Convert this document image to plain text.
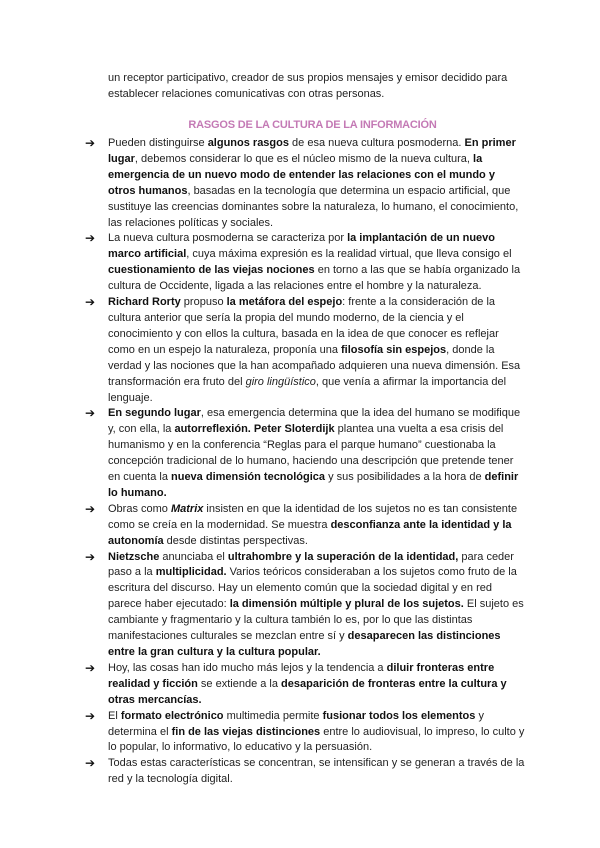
un receptor participativo, creador de sus propios mensajes y emisor decidido para establecer relaciones comunicativas con otras personas.

RASGOS DE LA CULTURA DE LA INFORMACIÓN
➔	Pueden distinguirse algunos rasgos de esa nueva cultura posmoderna. En primer lugar, debemos considerar lo que es el núcleo mismo de la nueva cultura, la emergencia de un nuevo modo de entender las relaciones con el mundo y otros humanos, basadas en la tecnología que determina un espacio artificial, que sustituye las creencias dominantes sobre la naturaleza, lo humano, el conocimiento, las relaciones políticas y sociales.
➔	La nueva cultura posmoderna se caracteriza por la implantación de un nuevo marco artificial, cuya máxima expresión es la realidad virtual, que lleva consigo el cuestionamiento de las viejas nociones en torno a las que se había organizado la cultura de Occidente, ligada a las relaciones entre el hombre y la naturaleza.
➔	Richard Rorty propuso la metáfora del espejo: frente a la consideración de la cultura anterior que sería la propia del mundo moderno, de la ciencia y el conocimiento y con ellos la cultura, basada en la idea de que conocer es reflejar como en un espejo la naturaleza, proponía una filosofía sin espejos, donde la verdad y las nociones que la han acompañado adquieren una nueva dimensión. Esa transformación era fruto del giro lingüístico, que venía a afirmar la importancia del lenguaje.
➔	En segundo lugar, esa emergencia determina que la idea del humano se modifique y, con ella, la autorreflexión. Peter Sloterdijk plantea una vuelta a esa crisis del humanismo y en la conferencia “Reglas para el parque humano” cuestionaba la concepción tradicional de lo humano, haciendo una descripción que pretende tener en cuenta la nueva dimensión tecnológica y sus posibilidades a la hora de definir lo humano.
➔	Obras como Matrix insisten en que la identidad de los sujetos no es tan consistente como se creía en la modernidad. Se muestra desconfianza ante la identidad y la autonomía desde distintas perspectivas.
➔	Nietzsche anunciaba el ultrahombre y la superación de la identidad, para ceder paso a la multiplicidad. Varios teóricos consideraban a los sujetos como fruto de la escritura del discurso. Hay un elemento común que la sociedad digital y en red parece haber ejecutado: la dimensión múltiple y plural de los sujetos. El sujeto es cambiante y fragmentario y la cultura también lo es, por lo que las distintas manifestaciones culturales se mezclan entre sí y desaparecen las distinciones entre la gran cultura y la cultura popular.
➔	Hoy, las cosas han ido mucho más lejos y la tendencia a diluir fronteras entre realidad y ficción se extiende a la desaparición de fronteras entre la cultura y otras mercancías.
➔	El formato electrónico multimedia permite fusionar todos los elementos y determina el fin de las viejas distinciones entre lo audiovisual, lo impreso, lo culto y lo popular, lo informativo, lo educativo y la persuasión.
➔	Todas estas características se concentran, se intensifican y se generan a través de la red y la tecnología digital.
